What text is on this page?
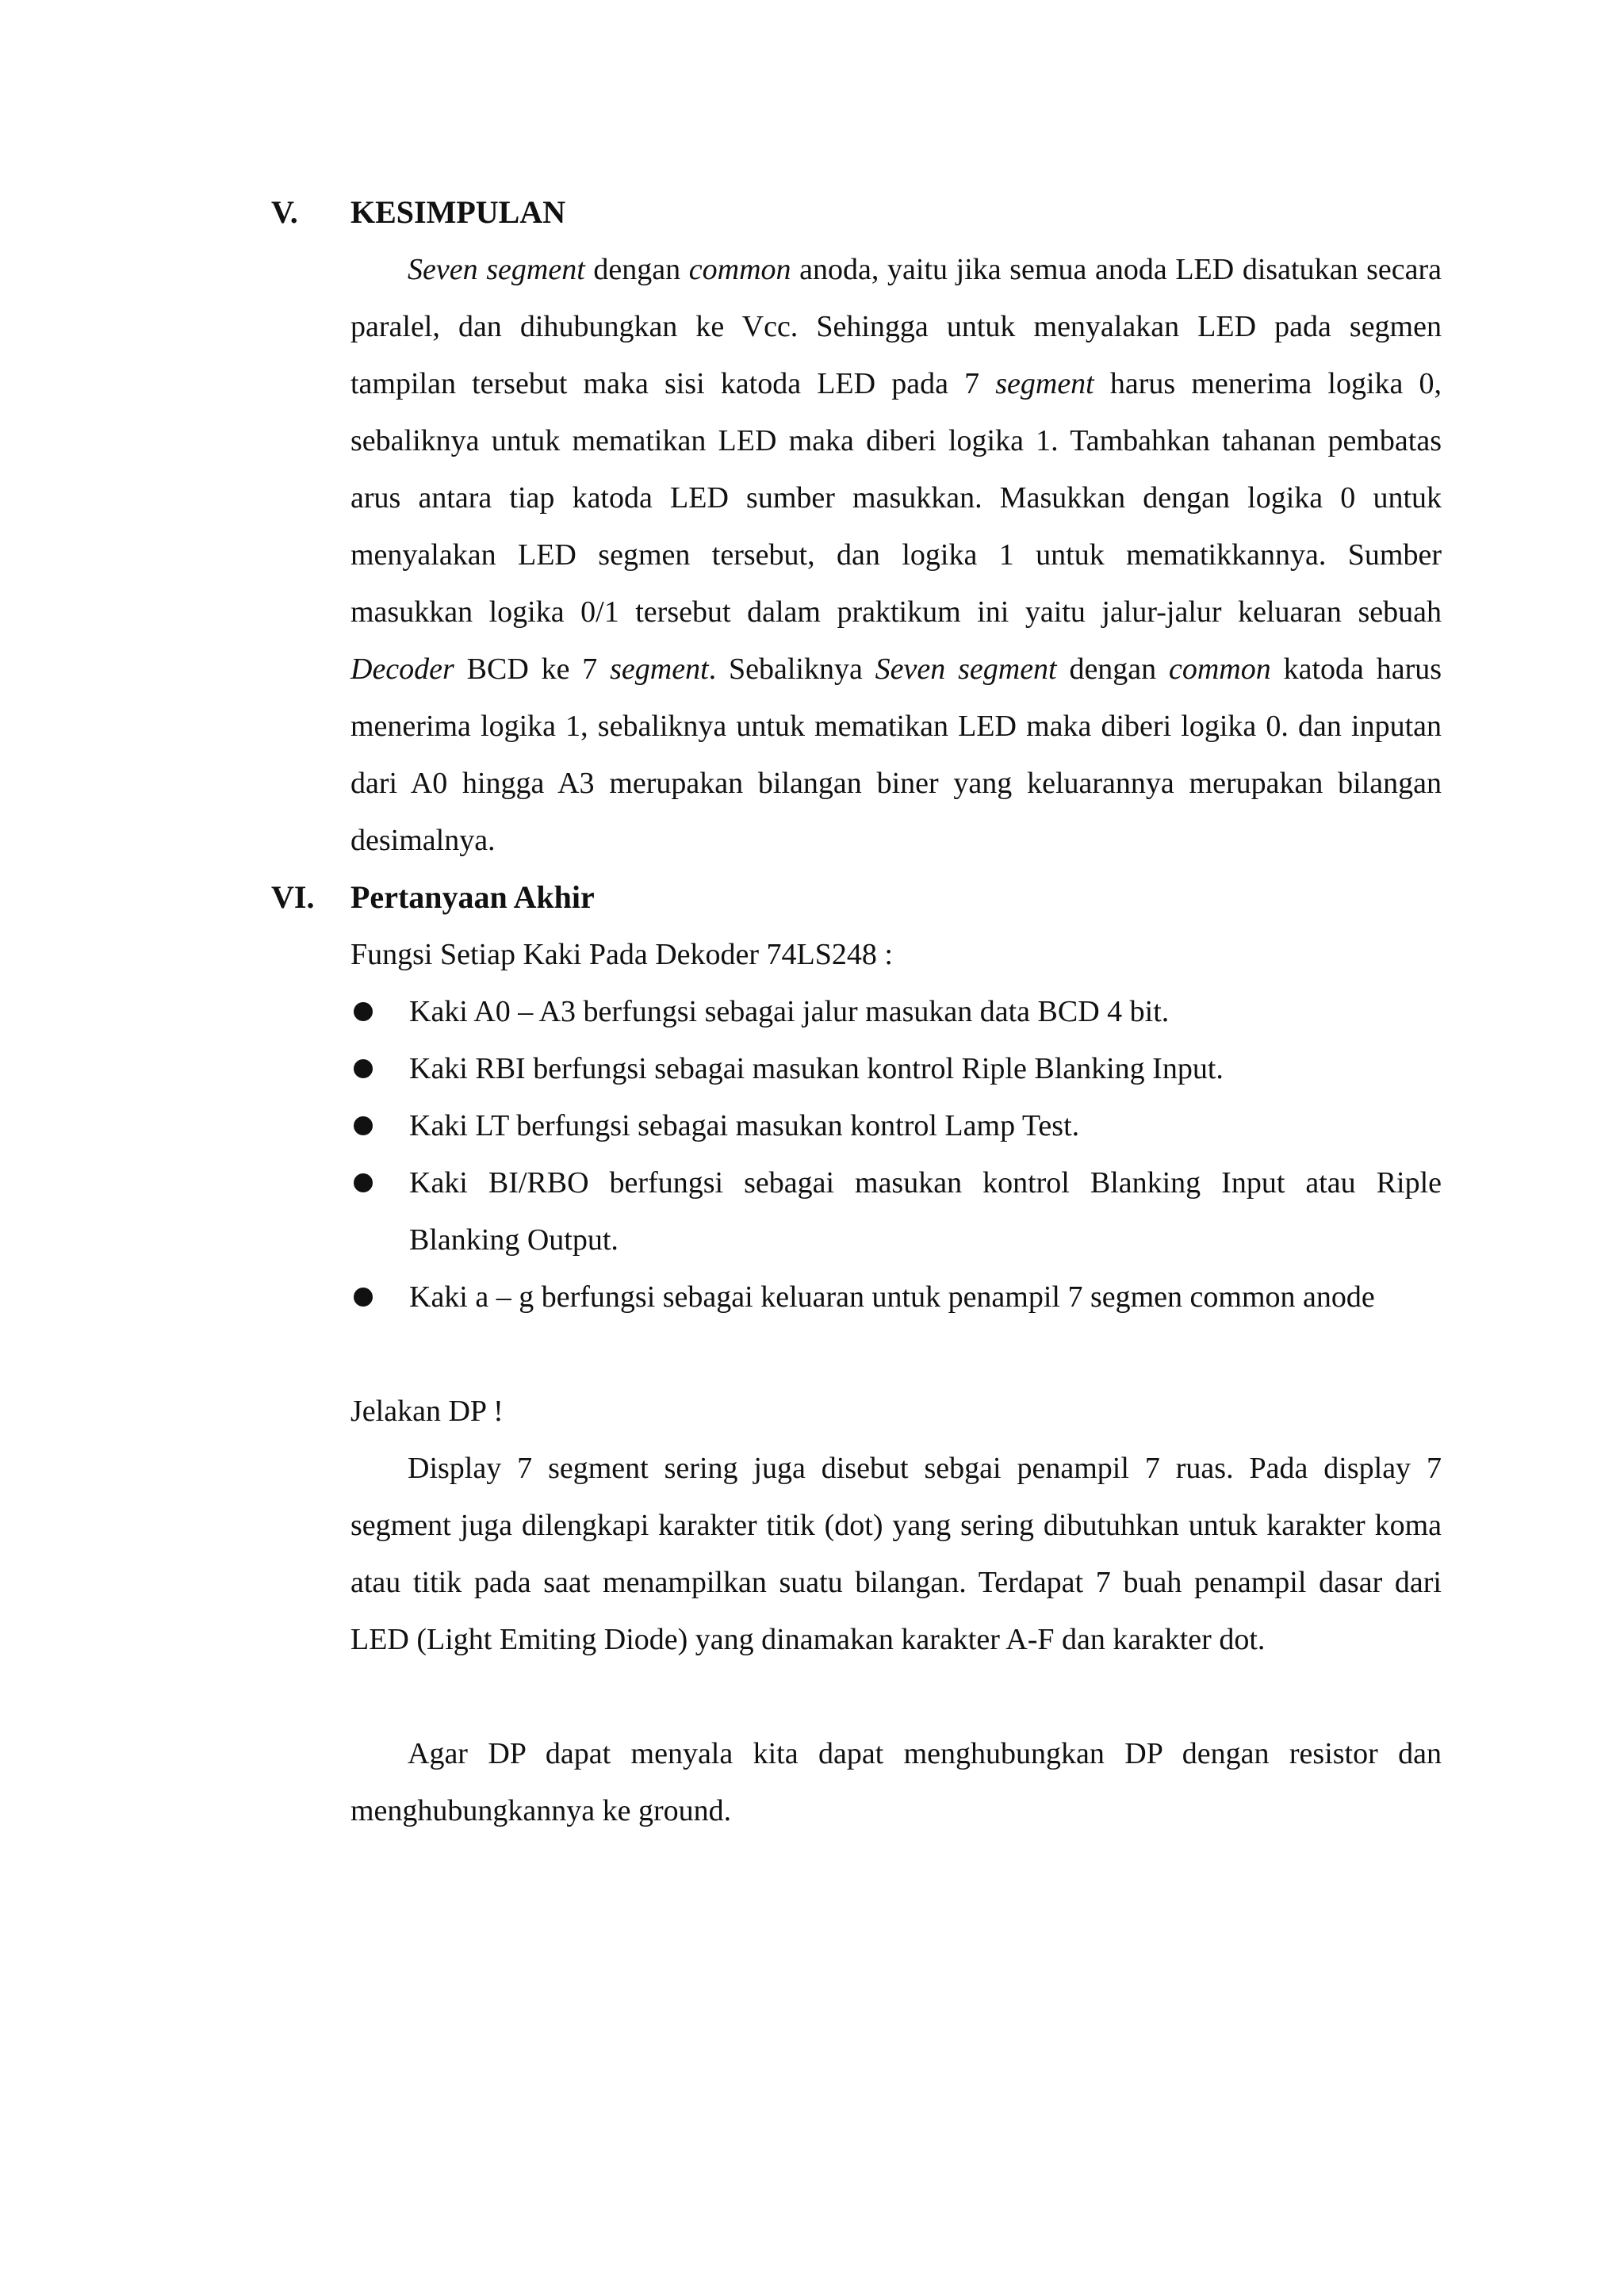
V. KESIMPULAN

Seven segment dengan common anoda, yaitu jika semua anoda LED disatukan secara paralel, dan dihubungkan ke Vcc. Sehingga untuk menyalakan LED pada segmen tampilan tersebut maka sisi katoda LED pada 7 segment harus menerima logika 0, sebaliknya untuk mematikan LED maka diberi logika 1. Tambahkan tahanan pembatas arus antara tiap katoda LED sumber masukkan. Masukkan dengan logika 0 untuk menyalakan LED segmen tersebut, dan logika 1 untuk mematikkannya. Sumber masukkan logika 0/1 tersebut dalam praktikum ini yaitu jalur-jalur keluaran sebuah Decoder BCD ke 7 segment. Sebaliknya Seven segment dengan common katoda harus menerima logika 1, sebaliknya untuk mematikan LED maka diberi logika 0. dan inputan dari A0 hingga A3 merupakan bilangan biner yang keluarannya merupakan bilangan desimalnya.

VI. Pertanyaan Akhir

Fungsi Setiap Kaki Pada Dekoder 74LS248 :

Kaki A0 – A3 berfungsi sebagai jalur masukan data BCD 4 bit.
Kaki RBI berfungsi sebagai masukan kontrol Riple Blanking Input.
Kaki LT berfungsi sebagai masukan kontrol Lamp Test.
Kaki BI/RBO berfungsi sebagai masukan kontrol Blanking Input atau Riple Blanking Output.
Kaki a – g berfungsi sebagai keluaran untuk penampil 7 segmen common anode

Jelakan DP !

Display 7 segment sering juga disebut sebgai penampil 7 ruas. Pada display 7 segment juga dilengkapi karakter titik (dot) yang sering dibutuhkan untuk karakter koma atau titik pada saat menampilkan suatu bilangan. Terdapat 7 buah penampil dasar dari LED (Light Emiting Diode) yang dinamakan karakter A-F dan karakter dot.

Agar DP dapat menyala kita dapat menghubungkan DP dengan resistor dan menghubungkannya ke ground.
